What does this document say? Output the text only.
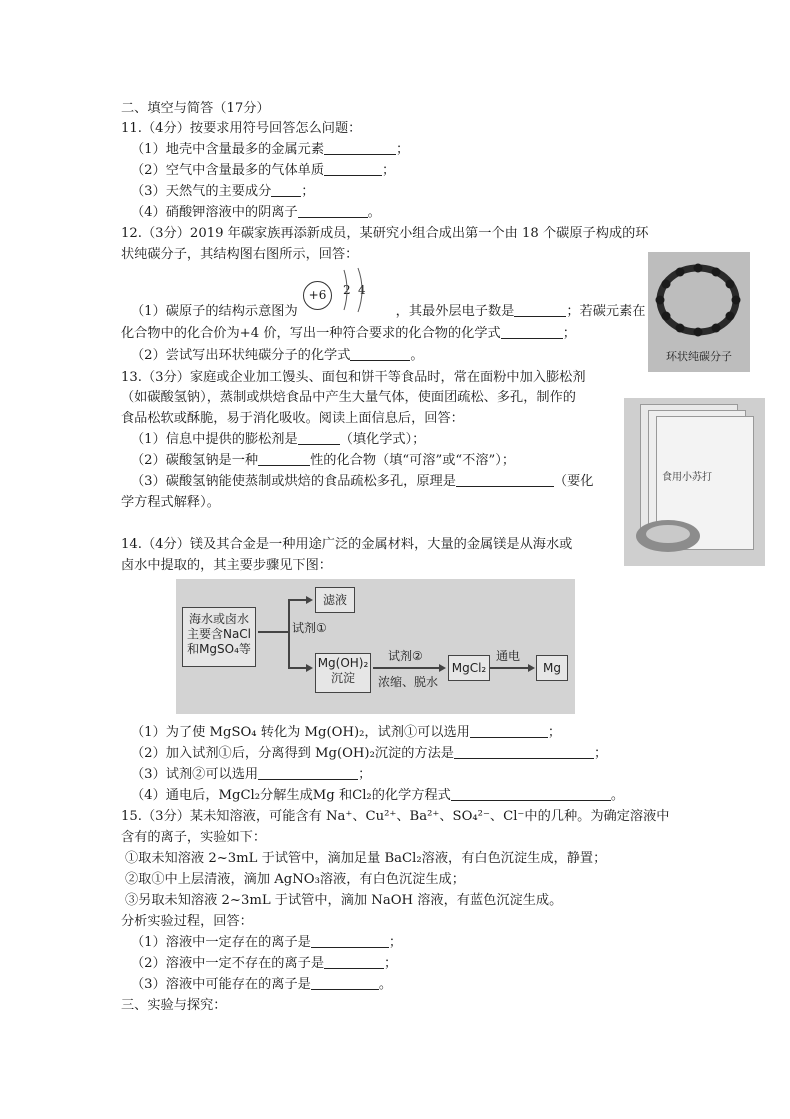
二、填空与简答（17分）
11.（4分）按要求用符号回答怎么问题：
（1）地壳中含量最多的金属元素	；
（2）空气中含量最多的气体单质	；
（3）天然气的主要成分 ；
（4）硝酸钾溶液中的阴离子	。
12.（3分）2019 年碳家族再添新成员，某研究小组合成出第一个由 18 个碳原子构成的环
状纯碳分子，其结构图右图所示，回答：
+6	2 4
（1）碳原子的结构示意图为	，其最外层电子数是	；若碳元素在
化合物中的化合价为+4 价，写出一种符合要求的化合物的化学式	；
（2）尝试写出环状纯碳分子的化学式	。	环状纯碳分子
13.（3分）家庭或企业加工馒头、面包和饼干等食品时，常在面粉中加入膨松剂
（如碳酸氢钠），蒸制或烘焙食品中产生大量气体，使面团疏松、多孔，制作的
食品松软或酥脆，易于消化吸收。阅读上面信息后，回答：
（1）信息中提供的膨松剂是	（填化学式）；
（2）碳酸氢钠是一种	性的化合物（填“可溶”或“不溶”）；
（3）碳酸氢钠能使蒸制或烘焙的食品疏松多孔，原理是	（要化
学方程式解释）。
食用小苏打
14.（4分）镁及其合金是一种用途广泛的金属材料，大量的金属镁是从海水或
卤水中提取的，其主要步骤见下图：
海水或卤水
主要含NaCl
和MgSO₄等
试剂①
滤液
Mg(OH)₂
沉淀
试剂②
浓缩、脱水
MgCl₂
通电
Mg
（1）为了使 MgSO₄ 转化为 Mg(OH)₂，试剂①可以选用	；
（2）加入试剂①后，分离得到 Mg(OH)₂沉淀的方法是	；
（3）试剂②可以选用	；
（4）通电后，MgCl₂分解生成Mg 和Cl₂的化学方程式	。
15.（3分）某未知溶液，可能含有 Na⁺、Cu²⁺、Ba²⁺、SO₄²⁻、Cl⁻中的几种。为确定溶液中
含有的离子，实验如下：
①取未知溶液 2~3mL 于试管中，滴加足量 BaCl₂溶液，有白色沉淀生成，静置；
②取①中上层清液，滴加 AgNO₃溶液，有白色沉淀生成；
③另取未知溶液 2~3mL 于试管中，滴加 NaOH 溶液，有蓝色沉淀生成。
分析实验过程，回答：
（1）溶液中一定存在的离子是	；
（2）溶液中一定不存在的离子是	；
（3）溶液中可能存在的离子是	。
三、实验与探究：
